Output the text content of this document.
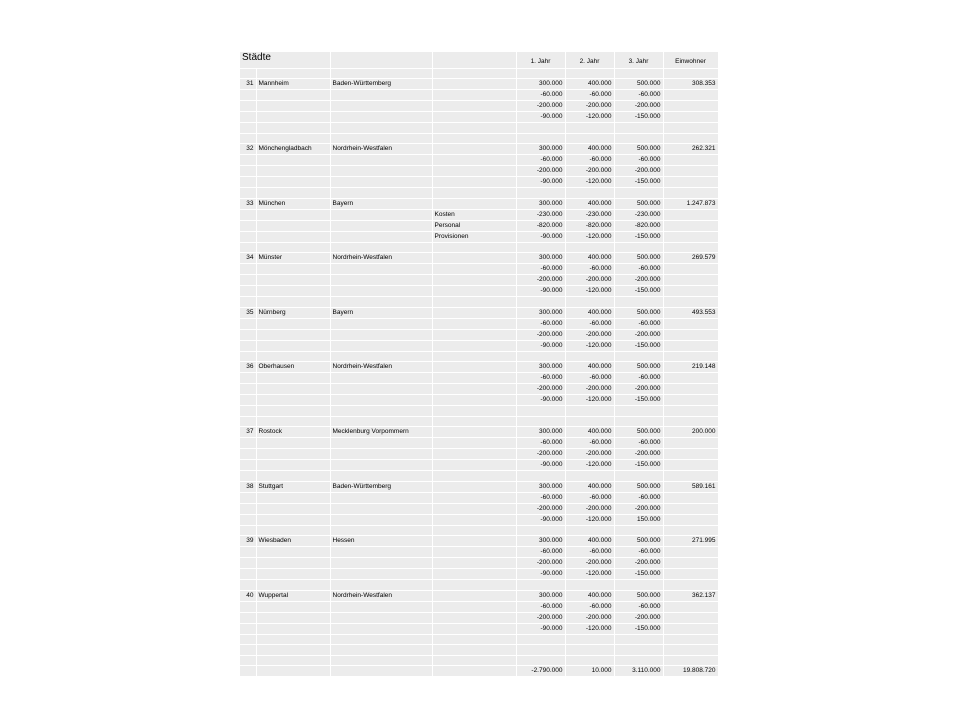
Städte				1. Jahr	2. Jahr	3. Jahr	Einwohner

31	Mannheim	Baden-Württemberg		300.000	400.000	500.000	308.353
				-60.000	-60.000	-60.000	
				-200.000	-200.000	-200.000	
				-90.000	-120.000	-150.000	

32	Mönchengladbach	Nordrhein-Westfalen		300.000	400.000	500.000	262.321
				-60.000	-60.000	-60.000	
				-200.000	-200.000	-200.000	
				-90.000	-120.000	-150.000	

33	München	Bayern		300.000	400.000	500.000	1.247.873
			Kosten	-230.000	-230.000	-230.000	
			Personal	-820.000	-820.000	-820.000	
			Provisionen	-90.000	-120.000	-150.000	

34	Münster	Nordrhein-Westfalen		300.000	400.000	500.000	269.579
				-60.000	-60.000	-60.000	
				-200.000	-200.000	-200.000	
				-90.000	-120.000	-150.000	

35	Nürnberg	Bayern		300.000	400.000	500.000	493.553
				-60.000	-60.000	-60.000	
				-200.000	-200.000	-200.000	
				-90.000	-120.000	-150.000	

36	Oberhausen	Nordrhein-Westfalen		300.000	400.000	500.000	219.148
				-60.000	-60.000	-60.000	
				-200.000	-200.000	-200.000	
				-90.000	-120.000	-150.000	

37	Rostock	Mecklenburg Vorpommern		300.000	400.000	500.000	200.000
				-60.000	-60.000	-60.000	
				-200.000	-200.000	-200.000	
				-90.000	-120.000	-150.000	

38	Stuttgart	Baden-Württemberg		300.000	400.000	500.000	589.161
				-60.000	-60.000	-60.000	
				-200.000	-200.000	-200.000	
				-90.000	-120.000	150.000	

39	Wiesbaden	Hessen		300.000	400.000	500.000	271.995
				-60.000	-60.000	-60.000	
				-200.000	-200.000	-200.000	
				-90.000	-120.000	-150.000	

40	Wuppertal	Nordrhein-Westfalen		300.000	400.000	500.000	362.137
				-60.000	-60.000	-60.000	
				-200.000	-200.000	-200.000	
				-90.000	-120.000	-150.000	

				-2.790.000	10.000	3.110.000	19.808.720
